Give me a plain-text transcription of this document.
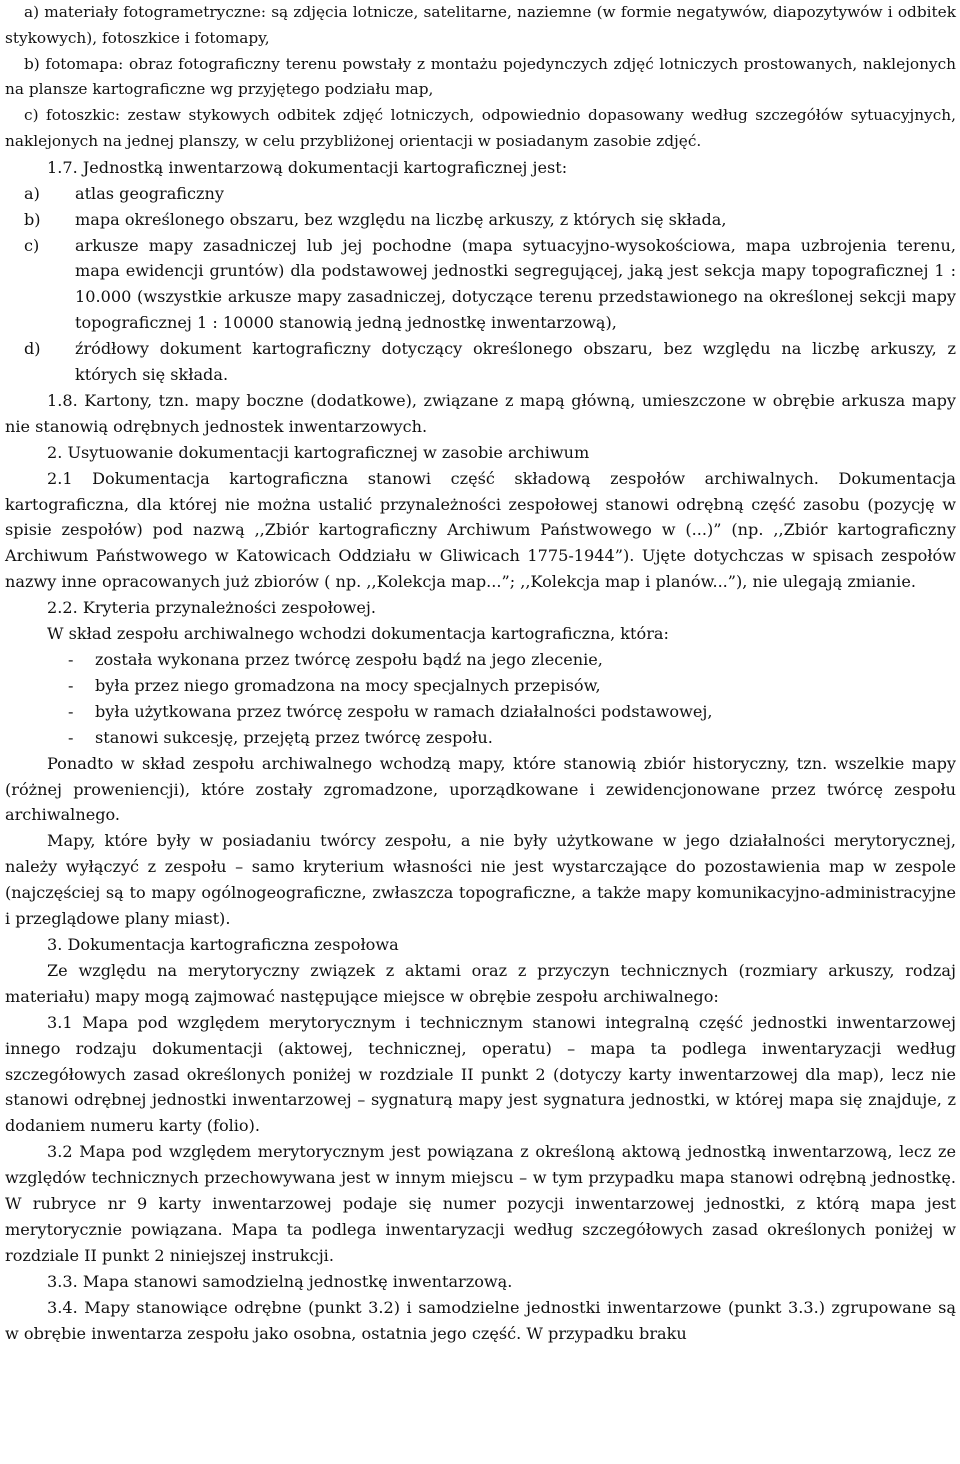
a) materiały fotogrametryczne: są zdjęcia lotnicze, satelitarne, naziemne (w formie negatywów, diapozytywów i odbitek stykowych), fotoszkice i fotomapy,

b) fotomapa: obraz fotograficzny terenu powstały z montażu pojedynczych zdjęć lotniczych prostowanych, naklejonych na plansze kartograficzne wg przyjętego podziału map,

c) fotoszkic: zestaw stykowych odbitek zdjęć lotniczych, odpowiednio dopasowany według szczegółów sytuacyjnych, naklejonych na jednej planszy, w celu przybliżonej orientacji w posiadanym zasobie zdjęć.

1.7. Jednostką inwentarzową dokumentacji kartograficznej jest:

a) atlas geograficzny
b) mapa określonego obszaru, bez względu na liczbę arkuszy, z których się składa,
c) arkusze mapy zasadniczej lub jej pochodne (mapa sytuacyjno-wysokościowa, mapa uzbrojenia terenu, mapa ewidencji gruntów) dla podstawowej jednostki segregującej, jaką jest sekcja mapy topograficznej 1 : 10.000 (wszystkie arkusze mapy zasadniczej, dotyczące terenu przedstawionego na określonej sekcji mapy topograficznej 1 : 10000 stanowią jedną jednostkę inwentarzową),
d) źródłowy dokument kartograficzny dotyczący określonego obszaru, bez względu na liczbę arkuszy, z których się składa.

1.8. Kartony, tzn. mapy boczne (dodatkowe), związane z mapą główną, umieszczone w obrębie arkusza mapy nie stanowią odrębnych jednostek inwentarzowych.

2. Usytuowanie dokumentacji kartograficznej w zasobie archiwum

2.1 Dokumentacja kartograficzna stanowi część składową zespołów archiwalnych. Dokumentacja kartograficzna, dla której nie można ustalić przynależności zespołowej stanowi odrębną część zasobu (pozycję w spisie zespołów) pod nazwą ,,Zbiór kartograficzny Archiwum Państwowego w (...)” (np. ,,Zbiór kartograficzny Archiwum Państwowego w Katowicach Oddziału w Gliwicach 1775-1944”). Ujęte dotychczas w spisach zespołów nazwy inne opracowanych już zbiorów ( np. ,,Kolekcja map...”; ,,Kolekcja map i planów...”), nie ulegają zmianie.

2.2. Kryteria przynależności zespołowej.

W skład zespołu archiwalnego wchodzi dokumentacja kartograficzna, która:

- została wykonana przez twórcę zespołu bądź na jego zlecenie,
- była przez niego gromadzona na mocy specjalnych przepisów,
- była użytkowana przez twórcę zespołu w ramach działalności podstawowej,
- stanowi sukcesję, przejętą przez twórcę zespołu.

Ponadto w skład zespołu archiwalnego wchodzą mapy, które stanowią zbiór historyczny, tzn. wszelkie mapy (różnej proweniencji), które zostały zgromadzone, uporządkowane i zewidencjonowane przez twórcę zespołu archiwalnego.

Mapy, które były w posiadaniu twórcy zespołu, a nie były użytkowane w jego działalności merytorycznej, należy wyłączyć z zespołu – samo kryterium własności nie jest wystarczające do pozostawienia map w zespole (najczęściej są to mapy ogólnogeograficzne, zwłaszcza topograficzne, a także mapy komunikacyjno-administracyjne i przeglądowe plany miast).

3. Dokumentacja kartograficzna zespołowa

Ze względu na merytoryczny związek z aktami oraz z przyczyn technicznych (rozmiary arkuszy, rodzaj materiału) mapy mogą zajmować następujące miejsce w obrębie zespołu archiwalnego:

3.1 Mapa pod względem merytorycznym i technicznym stanowi integralną część jednostki inwentarzowej innego rodzaju dokumentacji (aktowej, technicznej, operatu) – mapa ta podlega inwentaryzacji według szczegółowych zasad określonych poniżej w rozdziale II punkt 2 (dotyczy karty inwentarzowej dla map), lecz nie stanowi odrębnej jednostki inwentarzowej – sygnaturą mapy jest sygnatura jednostki, w której mapa się znajduje, z dodaniem numeru karty (folio).

3.2 Mapa pod względem merytorycznym jest powiązana z określoną aktową jednostką inwentarzową, lecz ze względów technicznych przechowywana jest w innym miejscu – w tym przypadku mapa stanowi odrębną jednostkę. W rubryce nr 9 karty inwentarzowej podaje się numer pozycji inwentarzowej jednostki, z którą mapa jest merytorycznie powiązana. Mapa ta podlega inwentaryzacji według szczegółowych zasad określonych poniżej w rozdziale II punkt 2 niniejszej instrukcji.

3.3. Mapa stanowi samodzielną jednostkę inwentarzową.

3.4. Mapy stanowiące odrębne (punkt 3.2) i samodzielne jednostki inwentarzowe (punkt 3.3.) zgrupowane są w obrębie inwentarza zespołu jako osobna, ostatnia jego część. W przypadku braku
